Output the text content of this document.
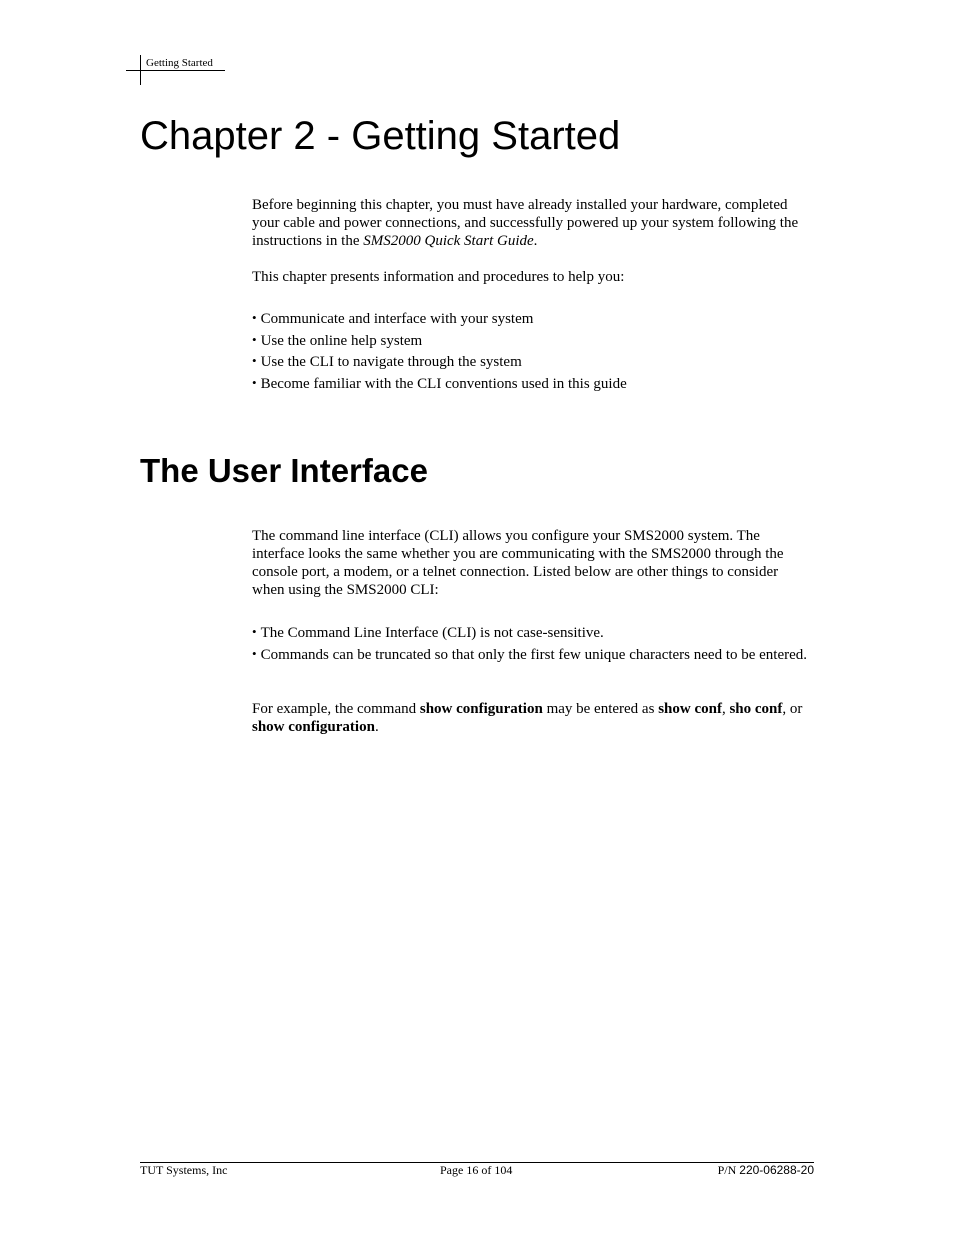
Getting Started
Chapter 2 - Getting Started

Before beginning this chapter, you must have already installed your hardware, completed your cable and power connections, and successfully powered up your system following the instructions in the SMS2000 Quick Start Guide.

This chapter presents information and procedures to help you:

• Communicate and interface with your system
• Use the online help system
• Use the CLI to navigate through the system
• Become familiar with the CLI conventions used in this guide
The User Interface

The command line interface (CLI) allows you configure your SMS2000 system. The interface looks the same whether you are communicating with the SMS2000 through the console port, a modem, or a telnet connection. Listed below are other things to consider when using the SMS2000 CLI:

• The Command Line Interface (CLI) is not case-sensitive.
• Commands can be truncated so that only the first few unique characters need to be entered.

For example, the command show configuration may be entered as show conf, sho conf, or show configuration.

TUT Systems, Inc	Page 16 of 104	P/N 220-06288-20
